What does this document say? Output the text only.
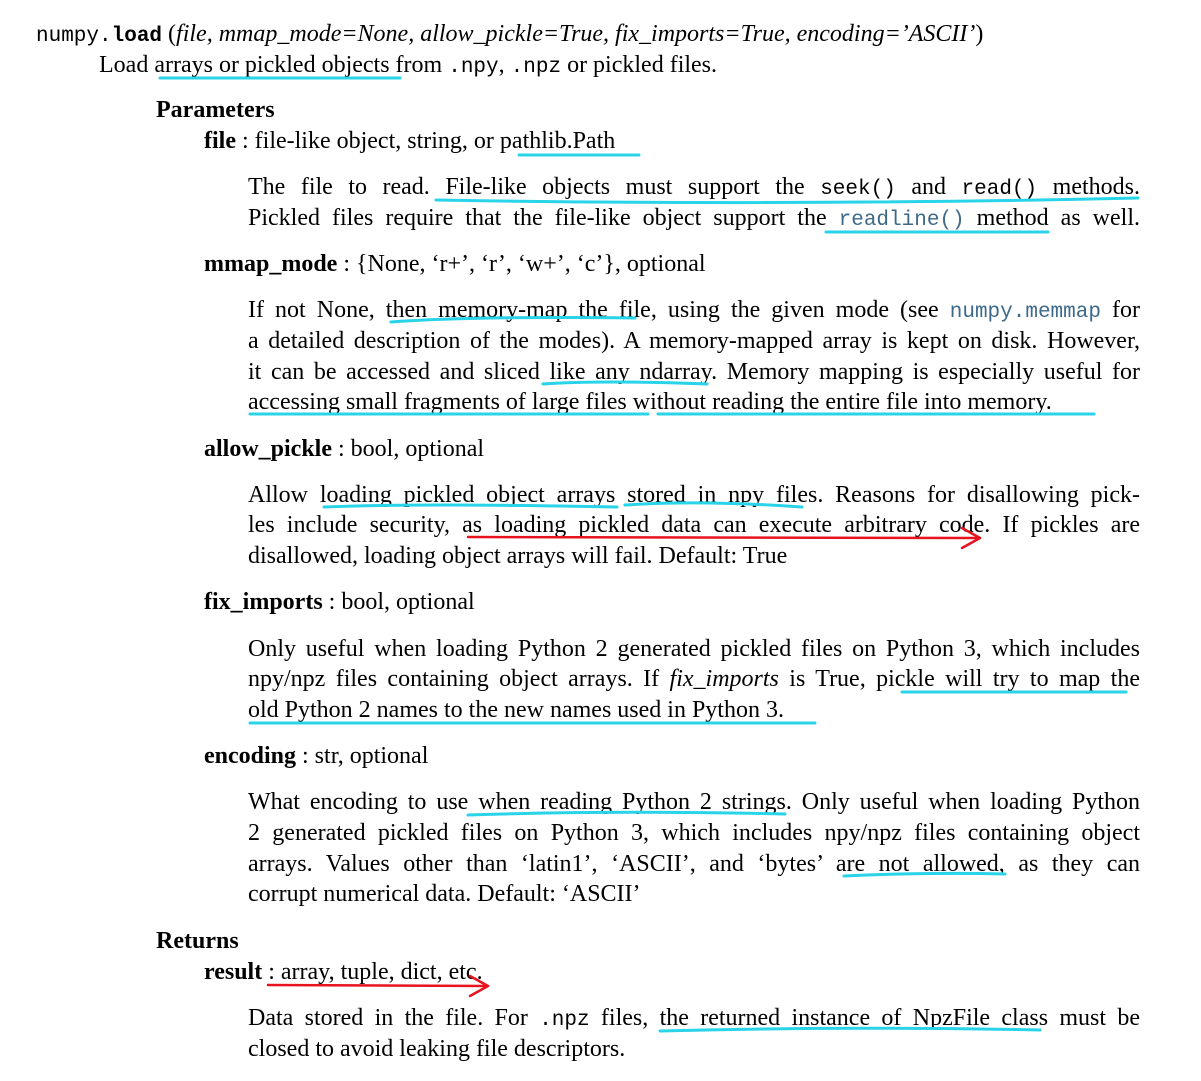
numpy.load (file, mmap_mode=None, allow_pickle=True, fix_imports=True, encoding=’ASCII’)
Load arrays or pickled objects from .npy, .npz or pickled files.
Parameters
file : file-like object, string, or pathlib.Path
The file to read. File-like objects must support the seek() and read() methods.
Pickled files require that the file-like object support the readline() method as well.
mmap_mode : {None, ‘r+’, ‘r’, ‘w+’, ‘c’}, optional
If not None, then memory-map the file, using the given mode (see numpy.memmap for
a detailed description of the modes). A memory-mapped array is kept on disk. However,
it can be accessed and sliced like any ndarray. Memory mapping is especially useful for
accessing small fragments of large files without reading the entire file into memory.
allow_pickle : bool, optional
Allow loading pickled object arrays stored in npy files. Reasons for disallowing pick-
les include security, as loading pickled data can execute arbitrary code. If pickles are
disallowed, loading object arrays will fail. Default: True
fix_imports : bool, optional
Only useful when loading Python 2 generated pickled files on Python 3, which includes
npy/npz files containing object arrays. If fix_imports is True, pickle will try to map the
old Python 2 names to the new names used in Python 3.
encoding : str, optional
What encoding to use when reading Python 2 strings. Only useful when loading Python
2 generated pickled files on Python 3, which includes npy/npz files containing object
arrays. Values other than ‘latin1’, ‘ASCII’, and ‘bytes’ are not allowed, as they can
corrupt numerical data. Default: ‘ASCII’
Returns
result : array, tuple, dict, etc.
Data stored in the file. For .npz files, the returned instance of NpzFile class must be
closed to avoid leaking file descriptors.
